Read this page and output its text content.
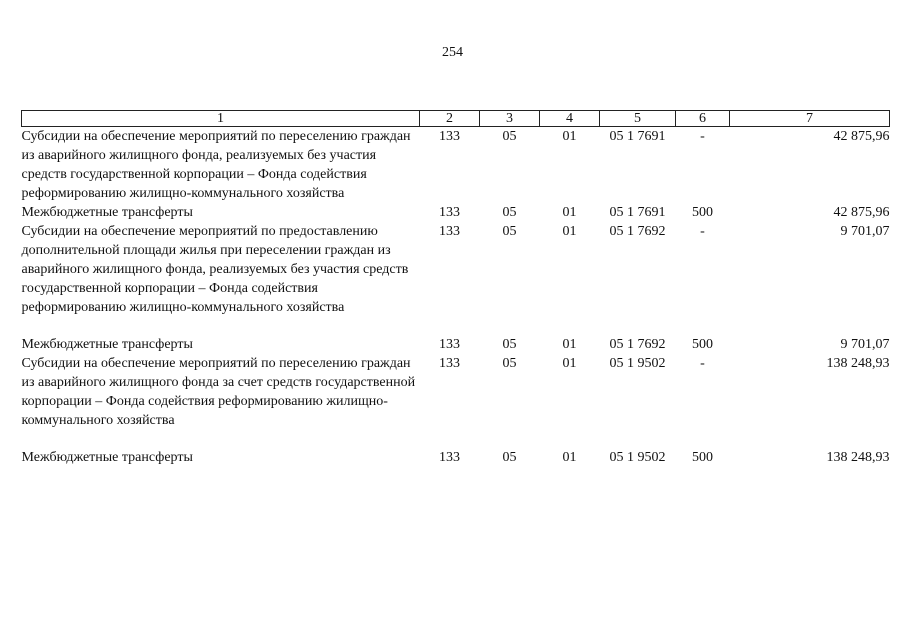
254
1	2	3	4	5	6	7
Субсидии на обеспечение мероприятий по переселению граждан из аварийного жилищного фонда, реализуемых без участия средств государственной корпорации – Фонда содействия реформированию жилищно-коммунального хозяйства	133	05	01	05 1 7691	-	42 875,96
Межбюджетные трансферты	133	05	01	05 1 7691	500	42 875,96
Субсидии на обеспечение мероприятий по предоставлению дополнительной площади жилья при переселении граждан из аварийного жилищного фонда, реализуемых без участия средств государственной корпорации – Фонда содействия реформированию жилищно-коммунального хозяйства	133	05	01	05 1 7692	-	9 701,07

Межбюджетные трансферты	133	05	01	05 1 7692	500	9 701,07
Субсидии на обеспечение мероприятий по переселению граждан из аварийного жилищного фонда за счет средств государственной корпорации – Фонда содействия реформированию жилищно-коммунального хозяйства	133	05	01	05 1 9502	-	138 248,93

Межбюджетные трансферты	133	05	01	05 1 9502	500	138 248,93
